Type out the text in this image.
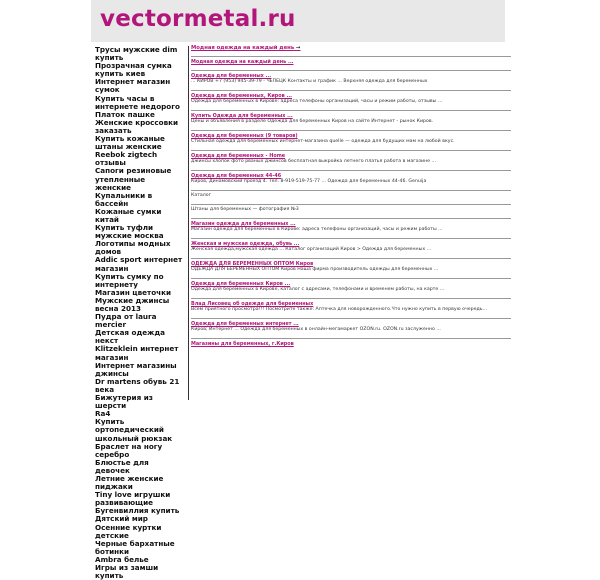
vectormetal.ru
Трусы мужские dim купить
Прозрачная сумка купить киев
Интернет магазин сумок
Купить часы в интернете недорого
Платок пашке
Женские кроссовки заказать
Купить кожаные штаны женские
Reebok zigtech отзывы
Сапоги резиновые утепленные женские
Купальники в бассейн
Кожаные сумки китай
Купить туфли мужские москва
Логотипы модных домов
Addic sport интернет магазин
Купить сумку по интернету
Магазин цветочки
Мужские джинсы весна 2013
Пудра от laura mercier
Детская одежда некст
Klitzeklein интернет магазин
Интернет магазины джинсы
Dr martens обувь 21 века
Бижутерия из шерсти
Ra4
Купить ортопедический школьный рюкзак
Браслет на ногу серебро
Блюстье для девочек
Летние женские пиджаки
Tiny love игрушки развивающие
Бугенвиллия купить
Дятский мир
Осенние куртки детские
Черные бархатные ботинки
Ambra белье
Игры из замши купить
Модная одежда на каждый день →
Модная одежда на каждый день ...
Одежда для беременных ...
... КИРОВ +7 (953) 945-39-79 - ЧЕПЕЦК Контакты и график ... Верхняя одежда для беременных
Одежда для беременных, Киров ...
Одежда для беременных в Кирове: адреса телефоны организаций, часы и режим работы, отзывы ...
Купить Одежда для беременных ...
Цены и объявления в разделе Одежда для беременных Киров на сайте Интернет - рынок Киров.
Одежда для беременных (9 товаров)
Стильная одежда для беременных интернет-магазина quelle — одежда для будущих мам на любой вкус.
Одежда для беременных - Home
джинсы хлопок фото рваных джинсов бесплатная выкройка летнего платья работа в магазине ...
Одежда для беременных 44-46
Киров, Динамовский проезд 4. Тел. 8-919-519-75-77 ... Одежда для беременных 44-46. Genuija
Каталог
Штаны для беременных — фотография №3
Магазин одежда для беременных ...
Магазин одежда для беременных в Кирове: адреса телефоны организаций, часы и режим работы ...
Женская и мужская одежда, обувь ...
Женская одежда,мужская одежда ... Каталог организаций Киров > Одежда для беременных ...
ОДЕЖДА ДЛЯ БЕРЕМЕННЫХ ОПТОМ Киров
ОДЕЖДА ДЛЯ БЕРЕМЕННЫХ ОПТОМ Киров Наша фирма производитель одежды для беременных ...
Одежда для беременных Киров ...
Одежда для беременных в Кирове, каталог с адресами, телефонами и временем работы, на карте ...
Влад Лисовец об одежде для беременных
Всем приятного просмотра!!! Посмотрите также: Аптечка для новорожденного.Что нужно купить в первую очередь...
Одежда для беременных интернет ...
Киров; Интернет ... Одежда для беременных в онлайн-мегамаркет OZON.ru. OZON.ru заслуженно ...
Магазины для беременных, г.Киров
